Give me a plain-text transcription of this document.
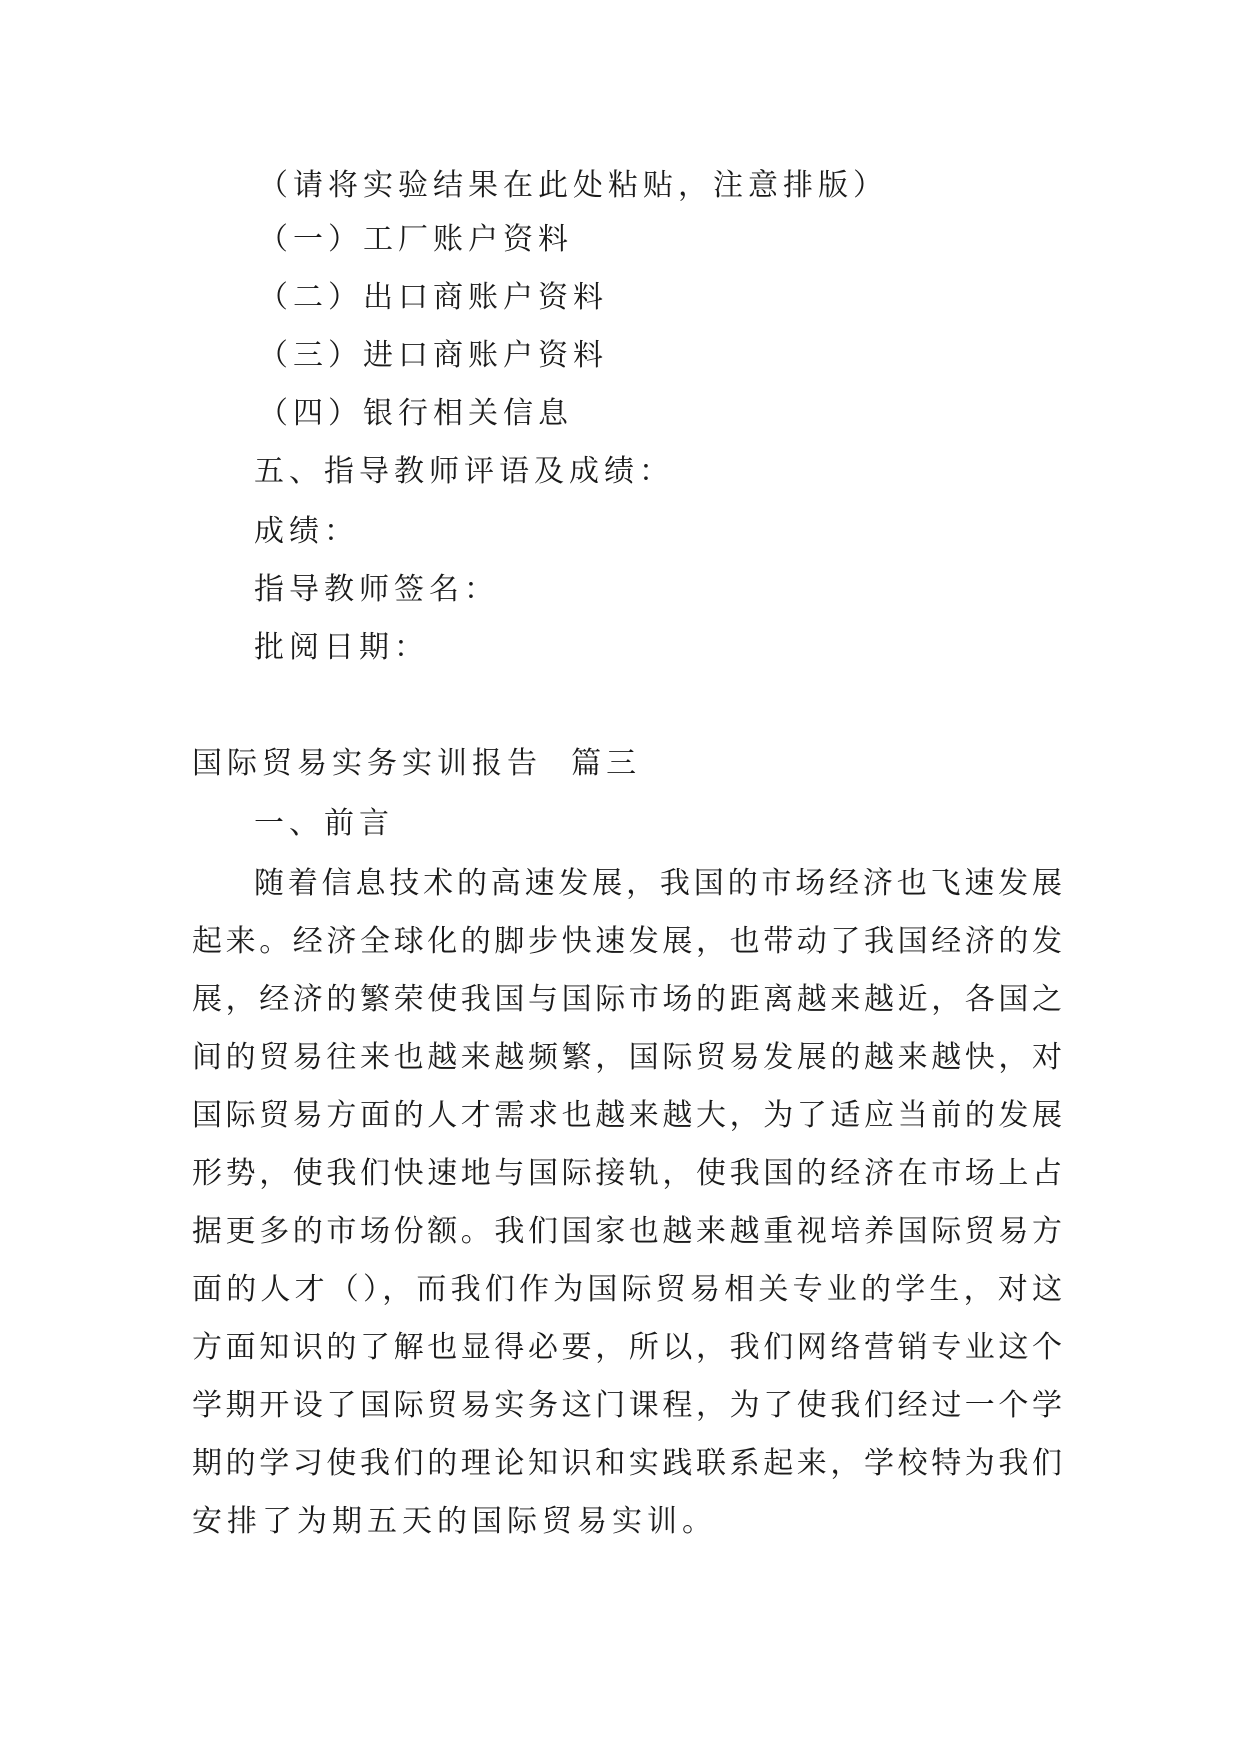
（请将实验结果在此处粘贴，注意排版）
（一）工厂账户资料
（二）出口商账户资料
（三）进口商账户资料
（四）银行相关信息
五、指导教师评语及成绩：
成绩：
指导教师签名：
批阅日期：
国际贸易实务实训报告  篇三
一、前言
随着信息技术的高速发展，我国的市场经济也飞速发展
起来。经济全球化的脚步快速发展，也带动了我国经济的发
展，经济的繁荣使我国与国际市场的距离越来越近，各国之
间的贸易往来也越来越频繁，国际贸易发展的越来越快，对
国际贸易方面的人才需求也越来越大，为了适应当前的发展
形势，使我们快速地与国际接轨，使我国的经济在市场上占
据更多的市场份额。我们国家也越来越重视培养国际贸易方
面的人才（），而我们作为国际贸易相关专业的学生，对这
方面知识的了解也显得必要，所以，我们网络营销专业这个
学期开设了国际贸易实务这门课程，为了使我们经过一个学
期的学习使我们的理论知识和实践联系起来，学校特为我们
安排了为期五天的国际贸易实训。
